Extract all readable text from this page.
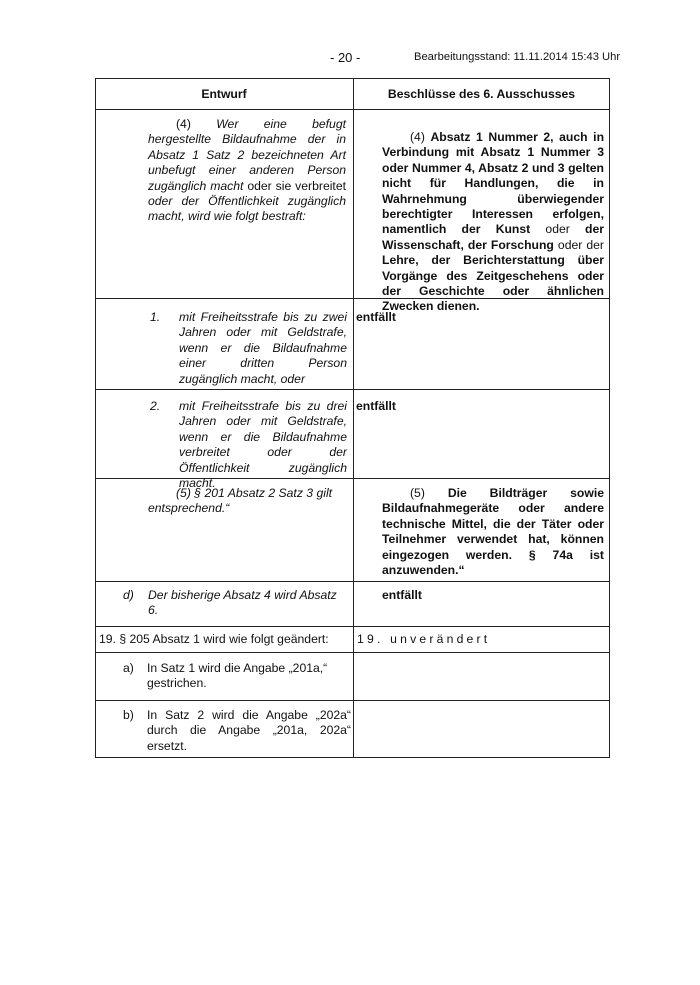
- 20 -	Bearbeitungsstand: 11.11.2014 15:43 Uhr
Entwurf	Beschlüsse des 6. Ausschusses
(4) Wer eine befugt hergestellte Bildaufnahme der in Absatz 1 Satz 2 bezeichneten Art unbefugt einer anderen Person zugänglich macht oder sie verbreitet oder der Öffentlichkeit zugänglich macht, wird wie folgt bestraft:
(4) Absatz 1 Nummer 2, auch in Verbindung mit Absatz 1 Nummer 3 oder Nummer 4, Absatz 2 und 3 gelten nicht für Handlungen, die in Wahrnehmung überwiegender berechtigter Interessen erfolgen, namentlich der Kunst oder der Wissenschaft, der Forschung oder der Lehre, der Berichterstattung über Vorgänge des Zeitgeschehens oder der Geschichte oder ähnlichen Zwecken dienen.
1. mit Freiheitsstrafe bis zu zwei Jahren oder mit Geldstrafe, wenn er die Bildaufnahme einer dritten Person zugänglich macht, oder
entfällt
2. mit Freiheitsstrafe bis zu drei Jahren oder mit Geldstrafe, wenn er die Bildaufnahme verbreitet oder der Öffentlichkeit zugänglich macht.
entfällt
(5) § 201 Absatz 2 Satz 3 gilt entsprechend.“
(5) Die Bildträger sowie Bildaufnahmegeräte oder andere technische Mittel, die der Täter oder Teilnehmer verwendet hat, können eingezogen werden. § 74a ist anzuwenden.“
d) Der bisherige Absatz 4 wird Absatz 6.
entfällt
19. § 205 Absatz 1 wird wie folgt geändert: 19. unverändert
a) In Satz 1 wird die Angabe „201a,“ gestrichen.
b) In Satz 2 wird die Angabe „202a“ durch die Angabe „201a, 202a“ ersetzt.
